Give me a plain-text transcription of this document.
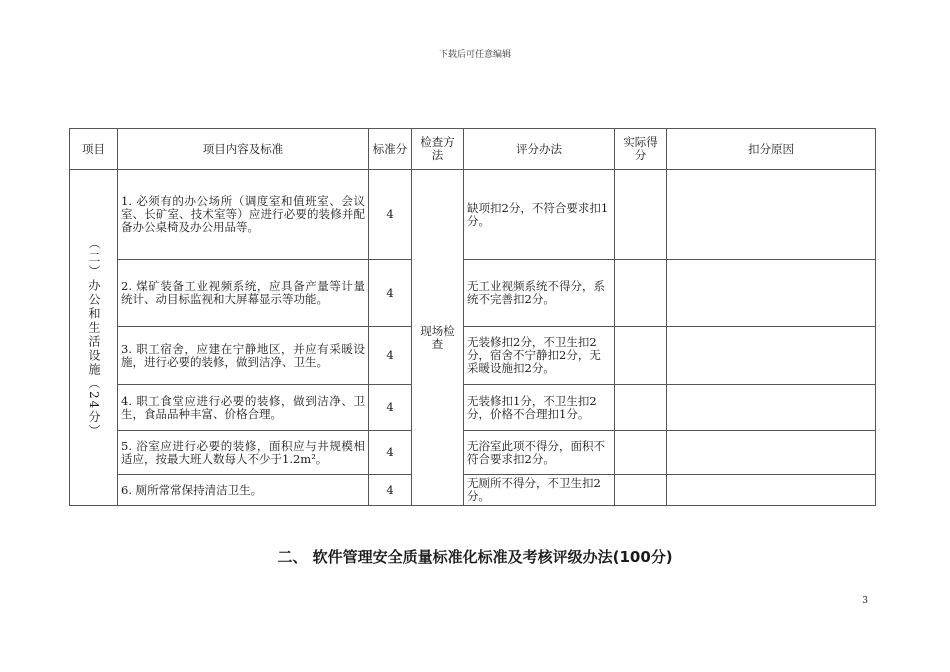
下载后可任意编辑
项目	项目内容及标准	标准分	检查方法	评分办法	实际得分	扣分原因

（二）办公和生活设施（24分）	1. 必须有的办公场所（调度室和值班室、会议室、长矿室、技术室等）应进行必要的装修并配备办公桌椅及办公用品等。	4	现场检查	缺项扣2分，不符合要求扣1分。		
	2. 煤矿装备工业视频系统，应具备产量等计量统计、动目标监视和大屏幕显示等功能。	4		无工业视频系统不得分，系统不完善扣2分。		
	3. 职工宿舍，应建在宁静地区，并应有采暖设施，进行必要的装修，做到洁净、卫生。	4		无装修扣2分，不卫生扣2分，宿舍不宁静扣2分，无采暖设施扣2分。		
	4. 职工食堂应进行必要的装修，做到洁净、卫生，食品品种丰富、价格合理。	4		无装修扣1分，不卫生扣2分，价格不合理扣1分。		
	5. 浴室应进行必要的装修，面积应与井规模相适应，按最大班人数每人不少于1.2m²。	4		无浴室此项不得分，面积不符合要求扣2分。		
	6. 厕所常常保持清洁卫生。	4		无厕所不得分，不卫生扣2分。		
二、 软件管理安全质量标准化标准及考核评级办法(100分)
3
